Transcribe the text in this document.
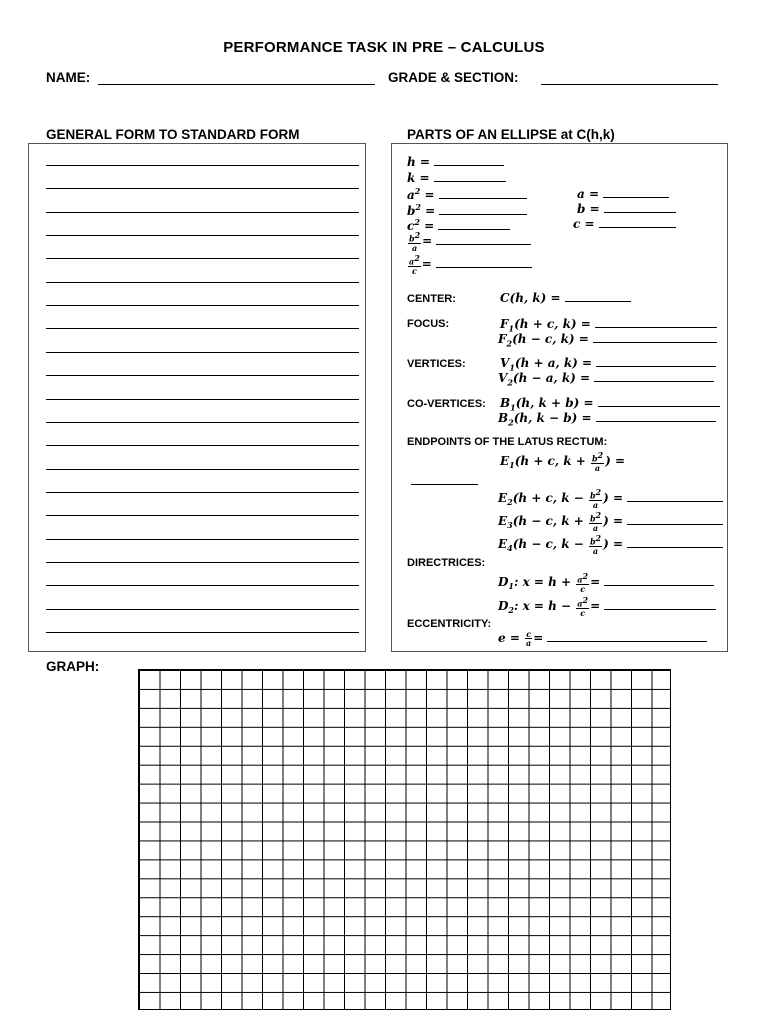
PERFORMANCE TASK IN PRE – CALCULUS
NAME:	GRADE & SECTION:
GENERAL FORM TO STANDARD FORM	PARTS OF AN ELLIPSE at C(h,k)
h =
k =
$a^2$ =
$b^2$ =
$c^2$ =
a =
b =
c =
$\frac{b^2}{a}$ =
$\frac{a^2}{c}$ =
CENTER:	C(h, k) =
FOCUS:	$F_1(h + c$, k) =
$F_2(h - c$, k) =
VERTICES:	$V_1(h + a$, k) =
$V_2(h - a$, k) =
CO-VERTICES: $B_1(h$, k + b) =
$B_2(h$, k − b) =
ENDPOINTS OF THE LATUS RECTUM:
$E_1(h + c$, $k + \frac{b^2}{a}$ ) =
$E_2(h + c$, $k - \frac{b^2}{a}$ ) =
$E_3(h - c$, $k + \frac{b^2}{a}$ ) =
$E_4(h - c$, $k - \frac{b^2}{a}$ ) =
DIRECTRICES:
$D_1$: $x = h + \frac{a^2}{c}$ =
$D_2$: $x = h - \frac{a^2}{c}$ =
ECCENTRICITY:
$e = \frac{c}{a}$ =
GRAPH:
